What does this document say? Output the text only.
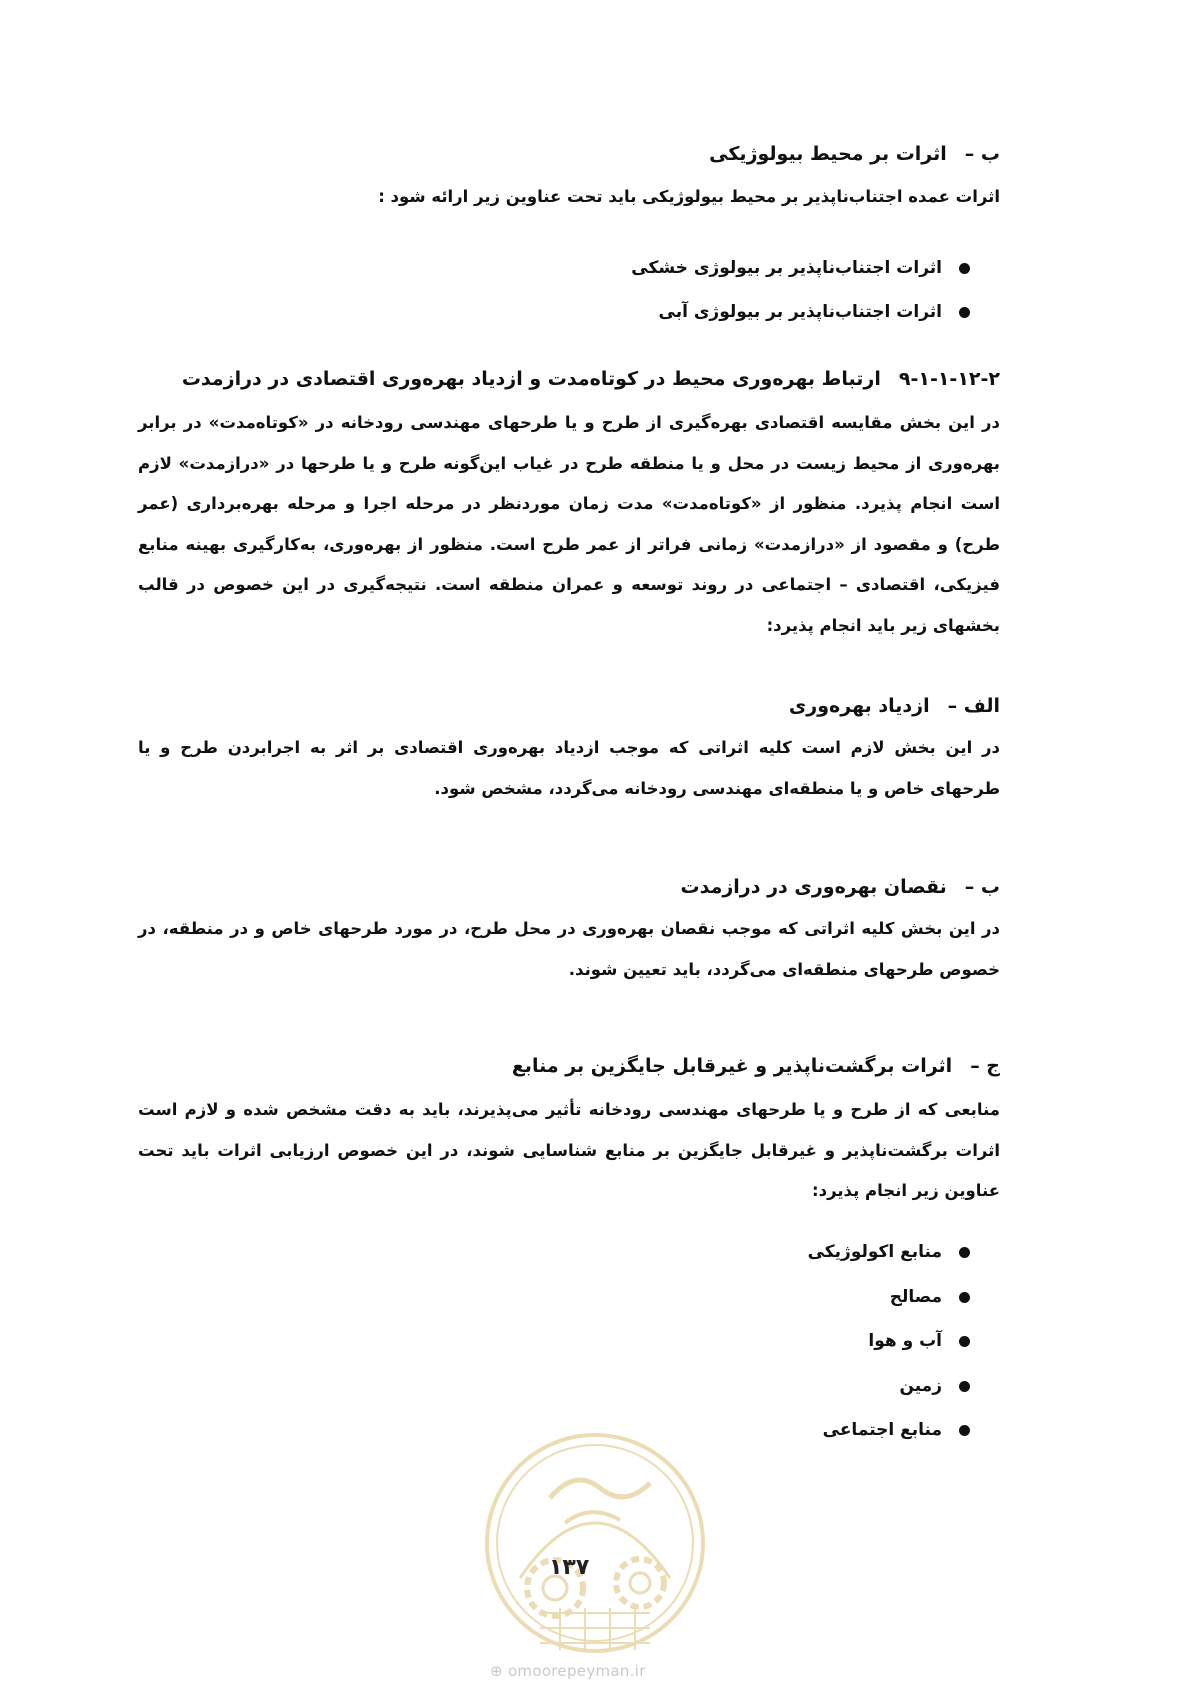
ب –اثرات بر محیط بیولوژیکی
اثرات عمده اجتناب‌ناپذیر بر محیط بیولوژیکی باید تحت عناوین زیر ارائه شود :
اثرات اجتناب‌ناپذیر بر بیولوژی خشکی
اثرات اجتناب‌ناپذیر بر بیولوژی آبی
۹-۱-۱-۱۲-۲ارتباط بهره‌وری محیط در کوتاه‌مدت و ازدیاد بهره‌وری اقتصادی در درازمدت
در این بخش مقایسه اقتصادی بهره‌گیری از طرح و یا طرحهای مهندسی رودخانه در «کوتاه‌مدت» در برابر بهره‌وری از محیط زیست در محل و یا منطقه طرح در غیاب این‌گونه طرح و یا طرحها در «درازمدت» لازم است انجام پذیرد. منظور از «کوتاه‌مدت» مدت زمان موردنظر در مرحله اجرا و مرحله بهره‌برداری (عمر طرح) و مقصود از «درازمدت» زمانی فراتر از عمر طرح است. منظور از بهره‌وری، به‌کارگیری بهینه منابع فیزیکی، اقتصادی – اجتماعی در روند توسعه و عمران منطقه است. نتیجه‌گیری در این خصوص در قالب بخشهای زیر باید انجام پذیرد:
الف –ازدیاد بهره‌وری
در این بخش لازم است کلیه اثراتی که موجب ازدیاد بهره‌وری اقتصادی بر اثر به اجرابردن طرح و یا طرحهای خاص و یا منطقه‌ای مهندسی رودخانه می‌گردد، مشخص شود.
ب –نقصان بهره‌وری در درازمدت
در این بخش کلیه اثراتی که موجب نقصان بهره‌وری در محل طرح، در مورد طرحهای خاص و در منطقه، در خصوص طرحهای منطقه‌ای می‌گردد، باید تعیین شوند.
ج –اثرات برگشت‌ناپذیر و غیرقابل جایگزین بر منابع
منابعی که از طرح و یا طرحهای مهندسی رودخانه تأثیر می‌پذیرند، باید به دقت مشخص شده و لازم است اثرات برگشت‌ناپذیر و غیرقابل جایگزین بر منابع شناسایی شوند، در این خصوص ارزیابی اثرات باید تحت عناوین زیر انجام پذیرد:
منابع اکولوژیکی
مصالح
آب و هوا
زمین
منابع اجتماعی
۱۳۷
⊕ omoorepeyman.ir
